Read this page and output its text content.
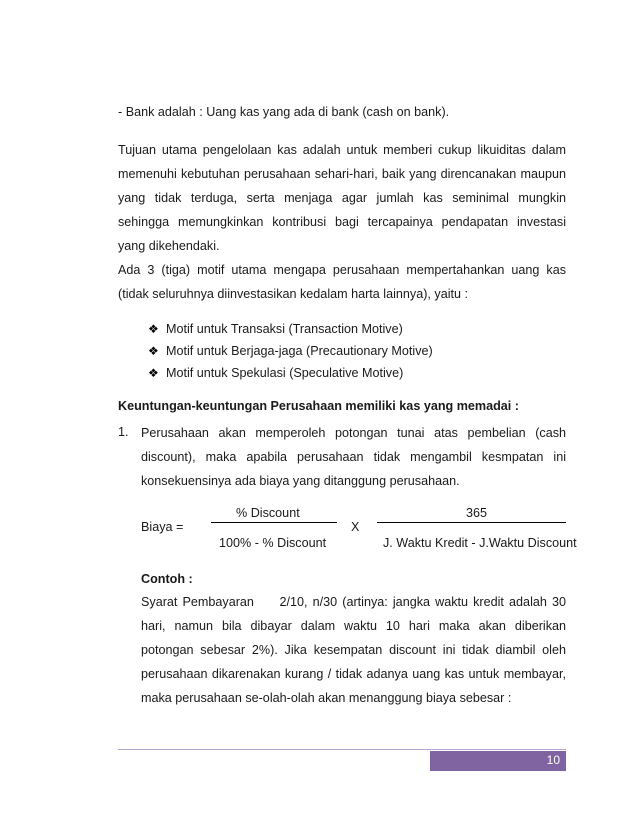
- Bank adalah : Uang kas yang ada di bank (cash on bank).
Tujuan utama pengelolaan kas adalah untuk memberi cukup likuiditas dalam
memenuhi kebutuhan perusahaan sehari-hari, baik yang direncanakan maupun
yang tidak terduga, serta menjaga agar jumlah kas seminimal mungkin
sehingga memungkinkan kontribusi bagi tercapainya pendapatan investasi
yang dikehendaki.
Ada 3 (tiga) motif utama mengapa perusahaan mempertahankan uang kas
(tidak seluruhnya diinvestasikan kedalam harta lainnya), yaitu :
❖ Motif untuk Transaksi (Transaction Motive)
❖ Motif untuk Berjaga-jaga (Precautionary Motive)
❖ Motif untuk Spekulasi (Speculative Motive)
Keuntungan-keuntungan Perusahaan memiliki kas yang memadai :
1. Perusahaan akan memperoleh potongan tunai atas pembelian (cash
discount), maka apabila perusahaan tidak mengambil kesmpatan ini
konsekuensinya ada biaya yang ditanggung perusahaan.
Biaya =
% Discount
100% - % Discount
X
365
J. Waktu Kredit - J.Waktu Discount
Contoh :
Syarat Pembayaran     2/10, n/30 (artinya: jangka waktu kredit adalah 30
hari, namun bila dibayar dalam waktu 10 hari maka akan diberikan
potongan sebesar 2%). Jika kesempatan discount ini tidak diambil oleh
perusahaan dikarenakan kurang / tidak adanya uang kas untuk membayar,
maka perusahaan se-olah-olah akan menanggung biaya sebesar :
10
